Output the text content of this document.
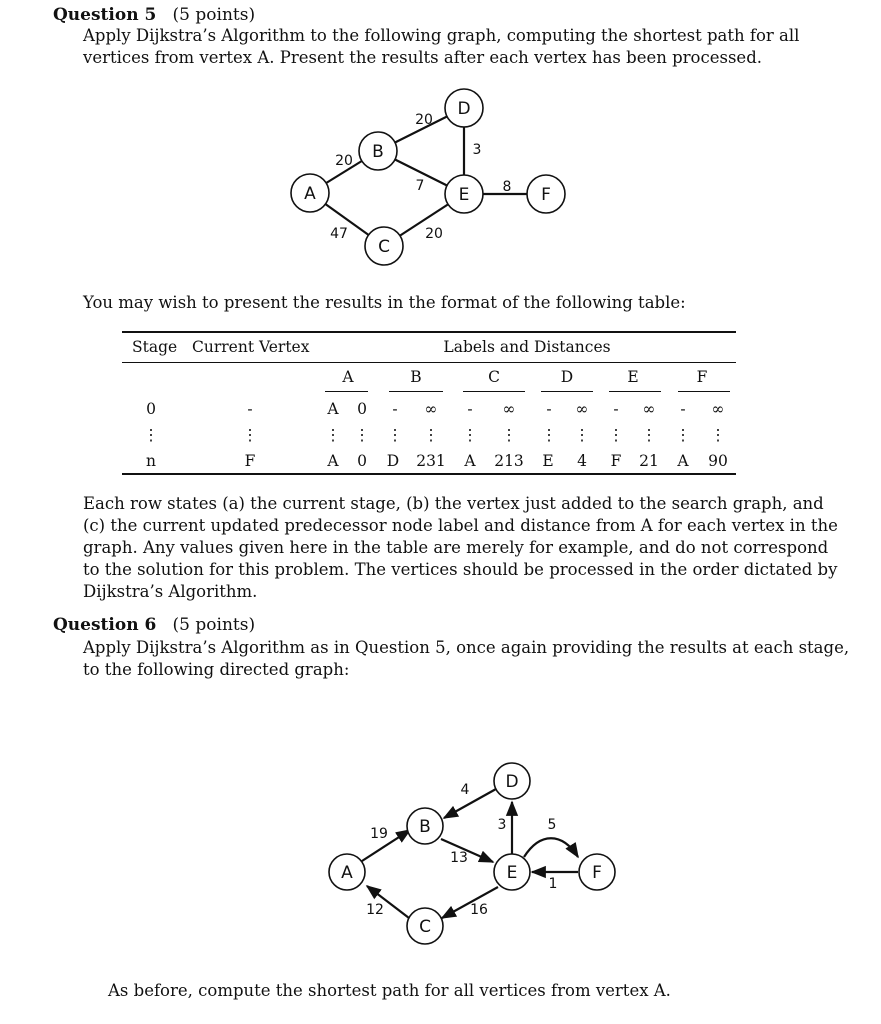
Question 5 (5 points)
Apply Dijkstra’s Algorithm to the following graph, computing the shortest path for all
vertices from vertex A. Present the results after each vertex has been processed.
A
B
C
D
E	F
20
20
3
7	8
47	20
You may wish to present the results in the format of the following table:
Stage Current Vertex	Labels and Distances
A	B	C	D	E	F
0	-	A 0 - ∞ - ∞ - ∞ - ∞ - ∞
⋮	⋮	⋮ ⋮ ⋮ ⋮ ⋮ ⋮ ⋮ ⋮ ⋮ ⋮ ⋮ ⋮
n	F	A 0 D 231 A 213 E 4 F 21 A 90
Each row states (a) the current stage, (b) the vertex just added to the search graph, and
(c) the current updated predecessor node label and distance from A for each vertex in the
graph. Any values given here in the table are merely for example, and do not correspond
to the solution for this problem. The vertices should be processed in the order dictated by
Dijkstra’s Algorithm.
Question 6 (5 points)
Apply Dijkstra’s Algorithm as in Question 5, once again providing the results at each stage,
to the following directed graph:
A
B
C
D
E	F
19
4
13
3	5
1
16
12
As before, compute the shortest path for all vertices from vertex A.
